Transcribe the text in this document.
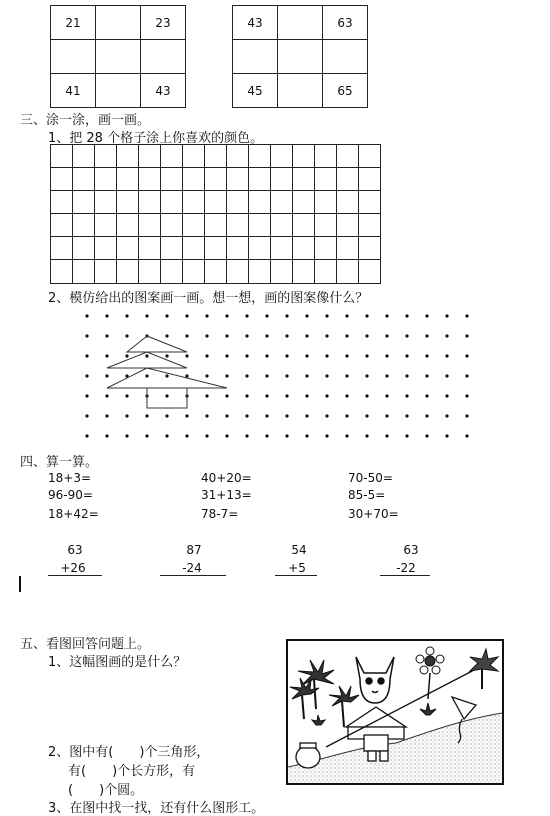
21		23

41		43
43		63

45		65
三、涂一涂，画一画。
1、把 28 个格子涂上你喜欢的颜色。
2、模仿给出的图案画一画。想一想，画的图案像什么？
四、算一算。
18+3=	40+20=	70-50=
96-90=	31+13=	85-5=
18+42=	78-7=	30+70=
63
+26
87
-24
54
+5
63
-22
五、看图回答问题上。
1、这幅图画的是什么？
2、图中有(　　)个三角形，
有(　　)个长方形，有
(　　)个圆。
3、在图中找一找，还有什么图形工。
